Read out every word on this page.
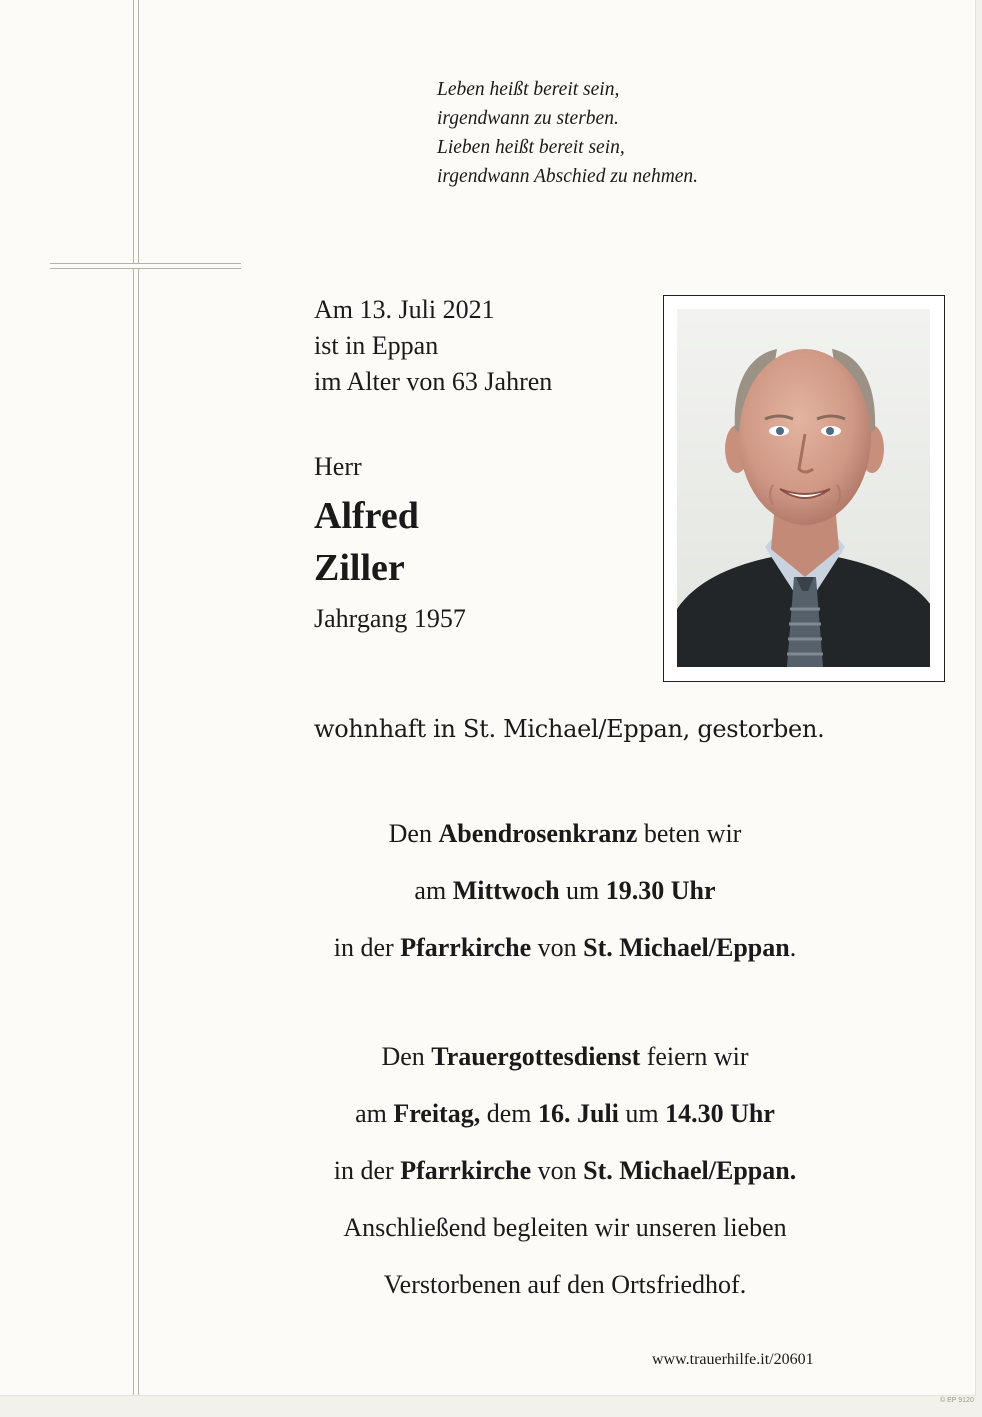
Leben heißt bereit sein,
irgendwann zu sterben.
Lieben heißt bereit sein,
irgendwann Abschied zu nehmen.
Am 13. Juli 2021
ist in Eppan
im Alter von 63 Jahren
Herr
Alfred
Ziller
Jahrgang 1957
wohnhaft in St. Michael/Eppan, gestorben.
Den Abendrosenkranz beten wir
am Mittwoch um 19.30 Uhr
in der Pfarrkirche von St. Michael/Eppan.
Den Trauergottesdienst feiern wir
am Freitag, dem 16. Juli um 14.30 Uhr
in der Pfarrkirche von St. Michael/Eppan.
Anschließend begleiten wir unseren lieben
Verstorbenen auf den Ortsfriedhof.
www.trauerhilfe.it/20601
© EP 9120
